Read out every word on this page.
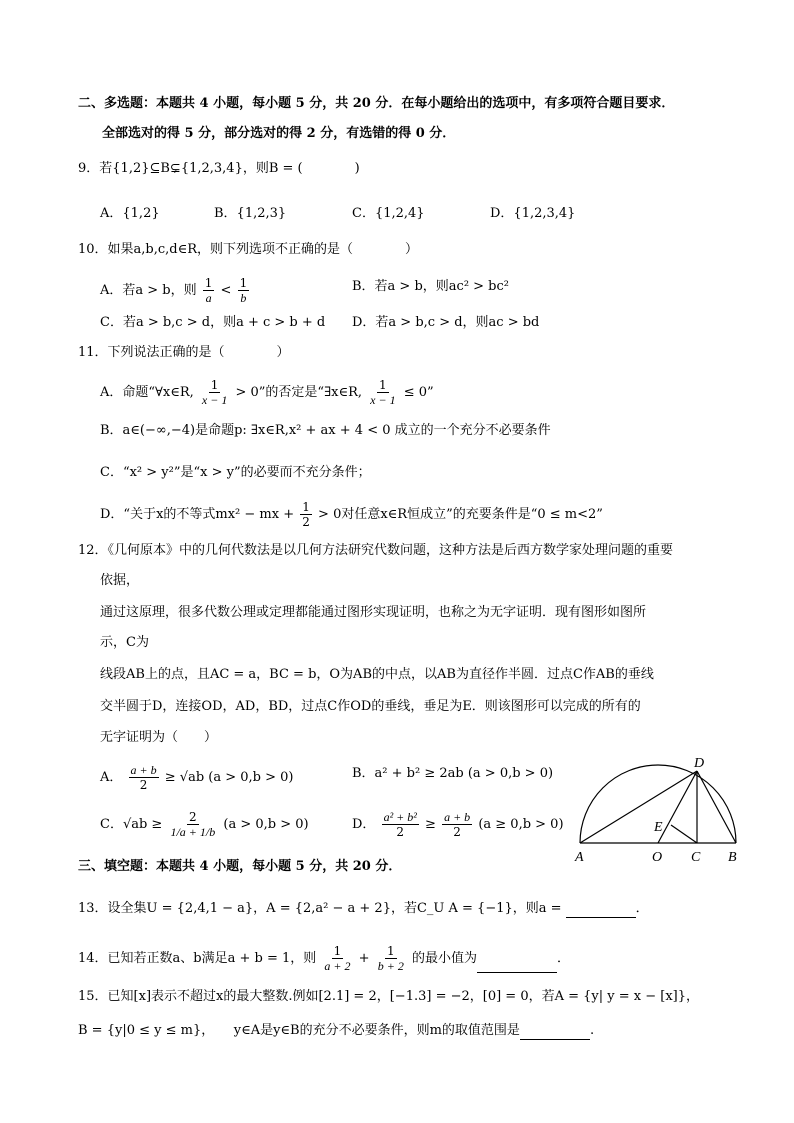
二、多选题：本题共 4 小题，每小题 5 分，共 20 分．在每小题给出的选项中，有多项符合题目要求．
全部选对的得 5 分，部分选对的得 2 分，有选错的得 0 分．
9．若{1,2}⊆B⊊{1,2,3,4}，则B = (　　　　)
A．{1,2}	B．{1,2,3}	C．{1,2,4}	D．{1,2,3,4}
10．如果a,b,c,d∈R，则下列选项不正确的是（　　　　）
A．若a > b，则 $\frac{1}{a} < \frac{1}{b}$	B．若a > b，则ac² > bc²
C．若a > b,c > d，则a + c > b + d D．若a > b,c > d，则ac > bd
11．下列说法正确的是（　　　　）
A．命题“∀x∈R, $\frac{1}{x - 1} > 0$”的否定是“∃x∈R, $\frac{1}{x - 1} \le 0$”
B．a∈(−∞,−4)是命题p: ∃x∈R,x² + ax + 4 < 0 成立的一个充分不必要条件
C．“x² > y²”是“x > y”的必要而不充分条件；
D．“关于x的不等式mx² − mx + $\frac{1}{2} > 0$对任意x∈R恒成立”的充要条件是“0 ≤ m<2”
12．《几何原本》中的几何代数法是以几何方法研究代数问题，这种方法是后西方数学家处理问题的重要
依据，
通过这原理，很多代数公理或定理都能通过图形实现证明，也称之为无字证明．现有图形如图所
示，C为
线段AB上的点，且AC = a，BC = b，O为AB的中点，以AB为直径作半圆．过点C作AB的垂线
交半圆于D，连接OD，AD，BD，过点C作OD的垂线，垂足为E．则该图形可以完成的所有的
无字证明为（　　）
A． $\frac{a + b}{2} \ge √ab$ (a > 0,b > 0)	B．a² + b² ≥ 2ab (a > 0,b > 0)
C．$√ab \ge \frac{2}{1/a + 1/b} (a > 0,b > 0)$	D． $\frac{\text{a² + b²}}{2} \ge \frac{a + b}{2} (a \ge 0,b > 0)$
A	O C B
D
E
三、填空题：本题共 4 小题，每小题 5 分，共 20 分．
13．设全集U = {2,4,1 − a}，A = {2,a² − a + 2}，若C_U A = {−1}，则a =	．
14．已知若正数a、b满足a + b = 1，则 $\frac{1}{a + 2} + \frac{1}{b + 2}$ 的最小值为	．
15．已知[x]表示不超过x的最大整数.例如[2.1] = 2，[−1.3] = −2，[0] = 0，若A = {y| y = x − [x]}，
B = {y|0 ≤ y ≤ m}，　　y∈A是y∈B的充分不必要条件，则m的取值范围是	.
